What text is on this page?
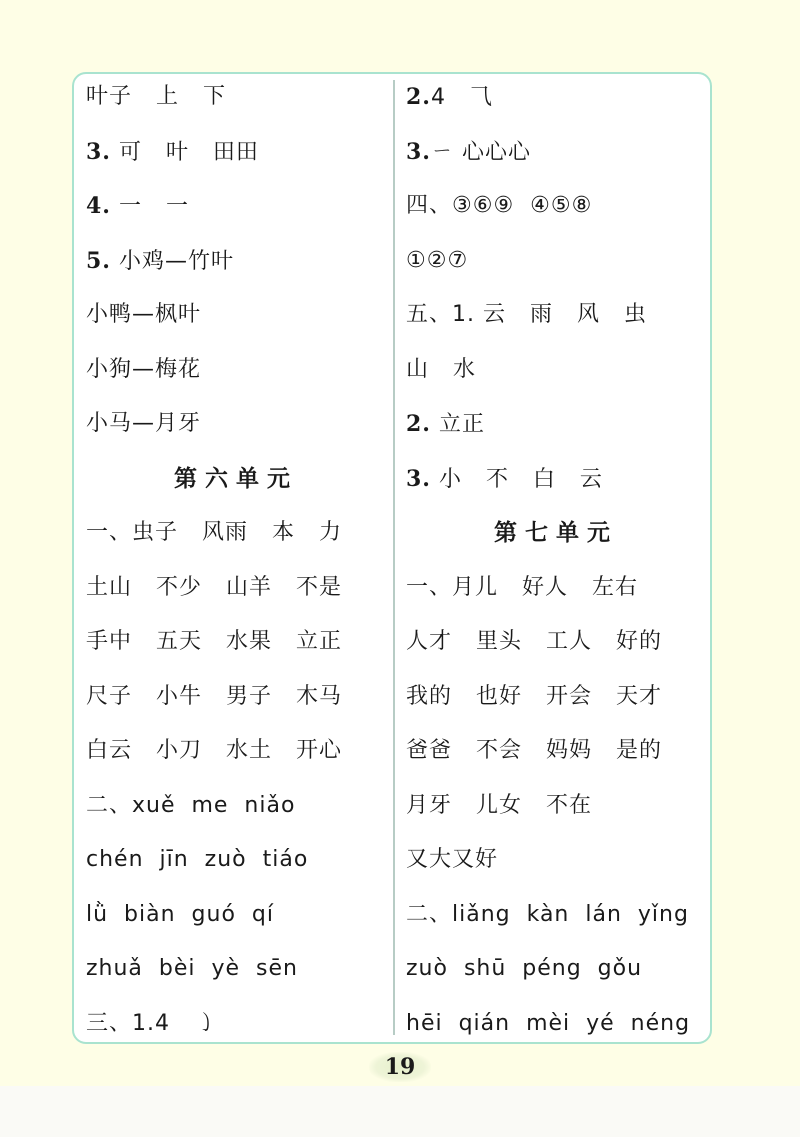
叶子   上   下
3. 可   叶   田田
4. 一   一
5. 小鸡—竹叶
小鸭—枫叶
小狗—梅花
小马—月牙
第六单元
一、虫子   风雨   本   力
土山   不少   山羊   不是
手中   五天   水果   立正
尺子   小牛   男子   木马
白云   小刀   水土   开心
二、xuě  me  niǎo
chén  jīn  zuò  tiáo
lǜ  biàn  guó  qí
zhuǎ  bèi  yè  sēn
三、1.4   ㇁
2.4   ⺄
3.ㄧ 心心心
四、③⑥⑨  ④⑤⑧
①②⑦
五、1. 云   雨   风   虫
山   水
2. 立正
3. 小   不   白   云
第七单元
一、月儿   好人   左右
人才   里头   工人   好的
我的   也好   开会   天才
爸爸   不会   妈妈   是的
月牙   儿女   不在
又大又好
二、liǎng  kàn  lán  yǐng
zuò  shū  péng  gǒu
hēi  qián  mèi  yé  néng
19
